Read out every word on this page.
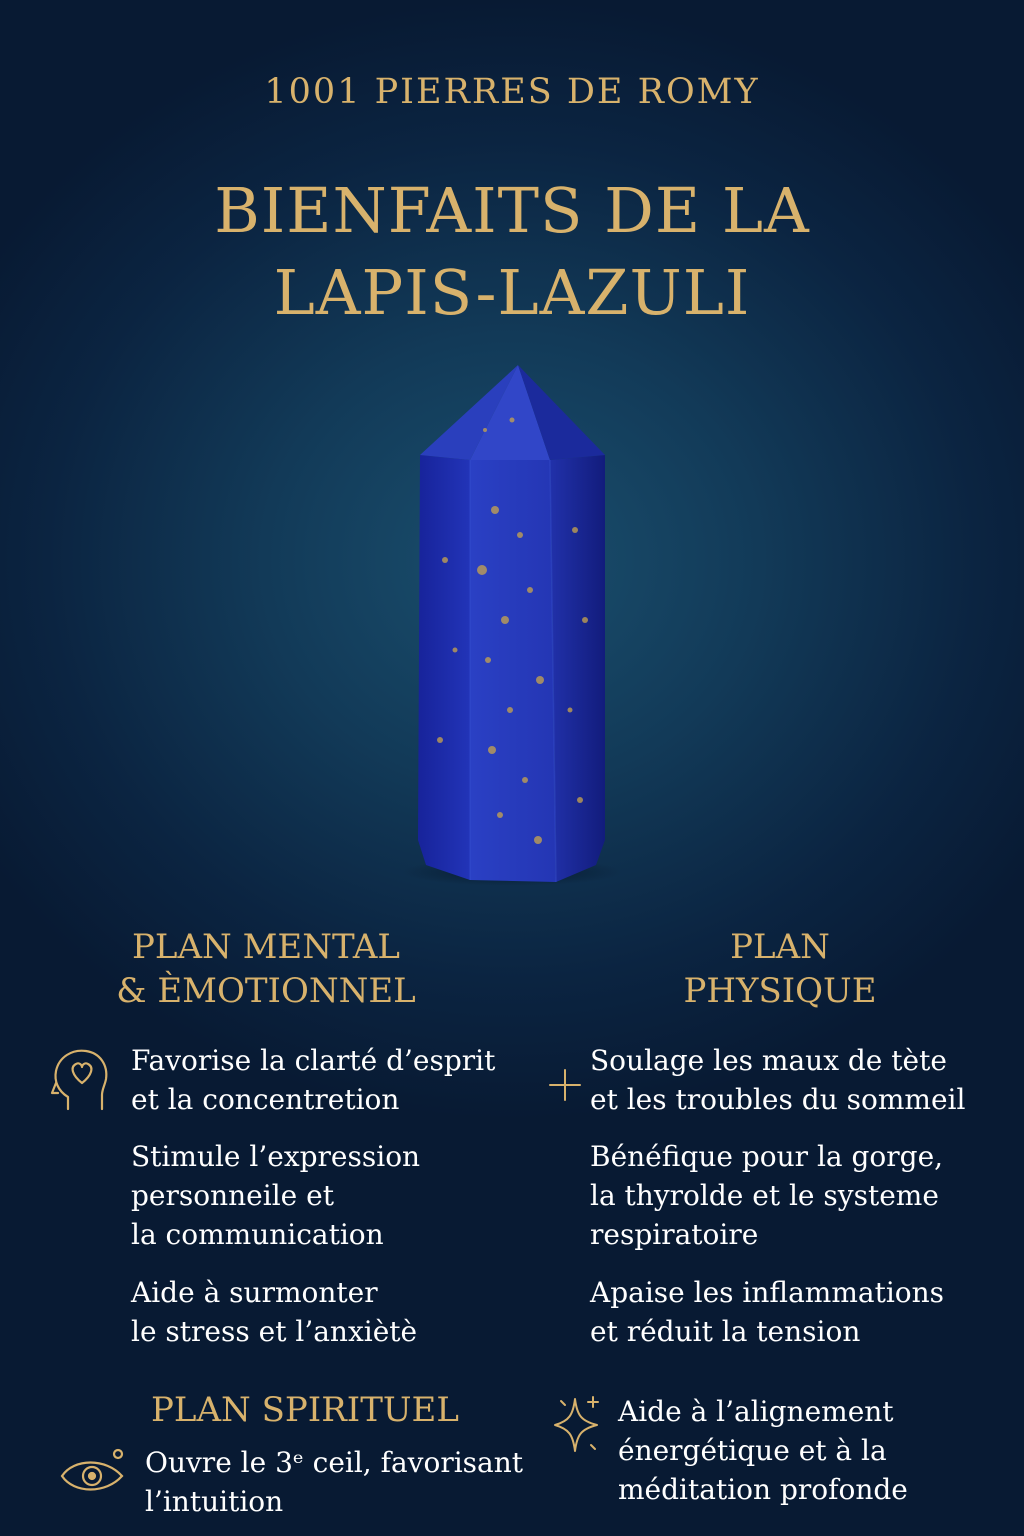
1001 PIERRES DE ROMY
BIENFAITS DE LA
LAPIS-LAZULI
PLAN MENTAL
& ÈMOTIONNEL
Favorise la clarté d’esprit
et la concentretion
Stimule l’expression
personneile et
la communication
Aide à surmonter
le stress et l’anxiètè
PLAN
PHYSIQUE
Soulage les maux de tète
et les troubles du sommeil
Bénéfique pour la gorge,
la thyrolde et le systeme
respiratoire
Apaise les inflammations
et réduit la tension
PLAN SPIRITUEL
Ouvre le 3ᵉ ceil, favorisant
l’intuition
Aide à l’alignement
énergétique et à la
méditation profonde
